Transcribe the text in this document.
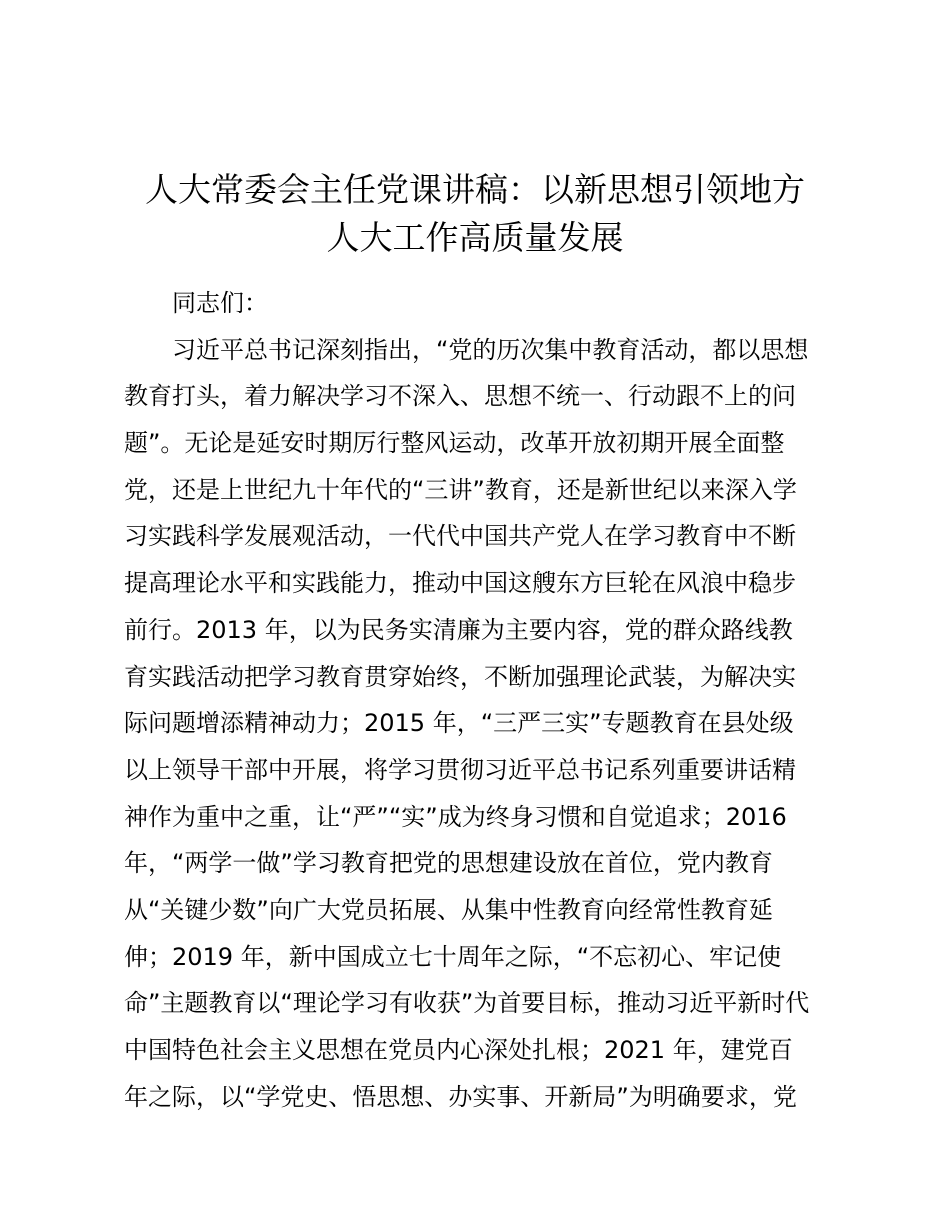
人大常委会主任党课讲稿：以新思想引领地方
人大工作高质量发展
同志们：
习近平总书记深刻指出，“党的历次集中教育活动，都以思想
教育打头，着力解决学习不深入、思想不统一、行动跟不上的问
题”。无论是延安时期厉行整风运动，改革开放初期开展全面整
党，还是上世纪九十年代的“三讲”教育，还是新世纪以来深入学
习实践科学发展观活动，一代代中国共产党人在学习教育中不断
提高理论水平和实践能力，推动中国这艘东方巨轮在风浪中稳步
前行。2013 年，以为民务实清廉为主要内容，党的群众路线教
育实践活动把学习教育贯穿始终，不断加强理论武装，为解决实
际问题增添精神动力；2015 年，“三严三实”专题教育在县处级
以上领导干部中开展，将学习贯彻习近平总书记系列重要讲话精
神作为重中之重，让“严”“实”成为终身习惯和自觉追求；2016
年，“两学一做”学习教育把党的思想建设放在首位，党内教育
从“关键少数”向广大党员拓展、从集中性教育向经常性教育延
伸；2019 年，新中国成立七十周年之际，“不忘初心、牢记使
命”主题教育以“理论学习有收获”为首要目标，推动习近平新时代
中国特色社会主义思想在党员内心深处扎根；2021 年，建党百
年之际，以“学党史、悟思想、办实事、开新局”为明确要求，党
